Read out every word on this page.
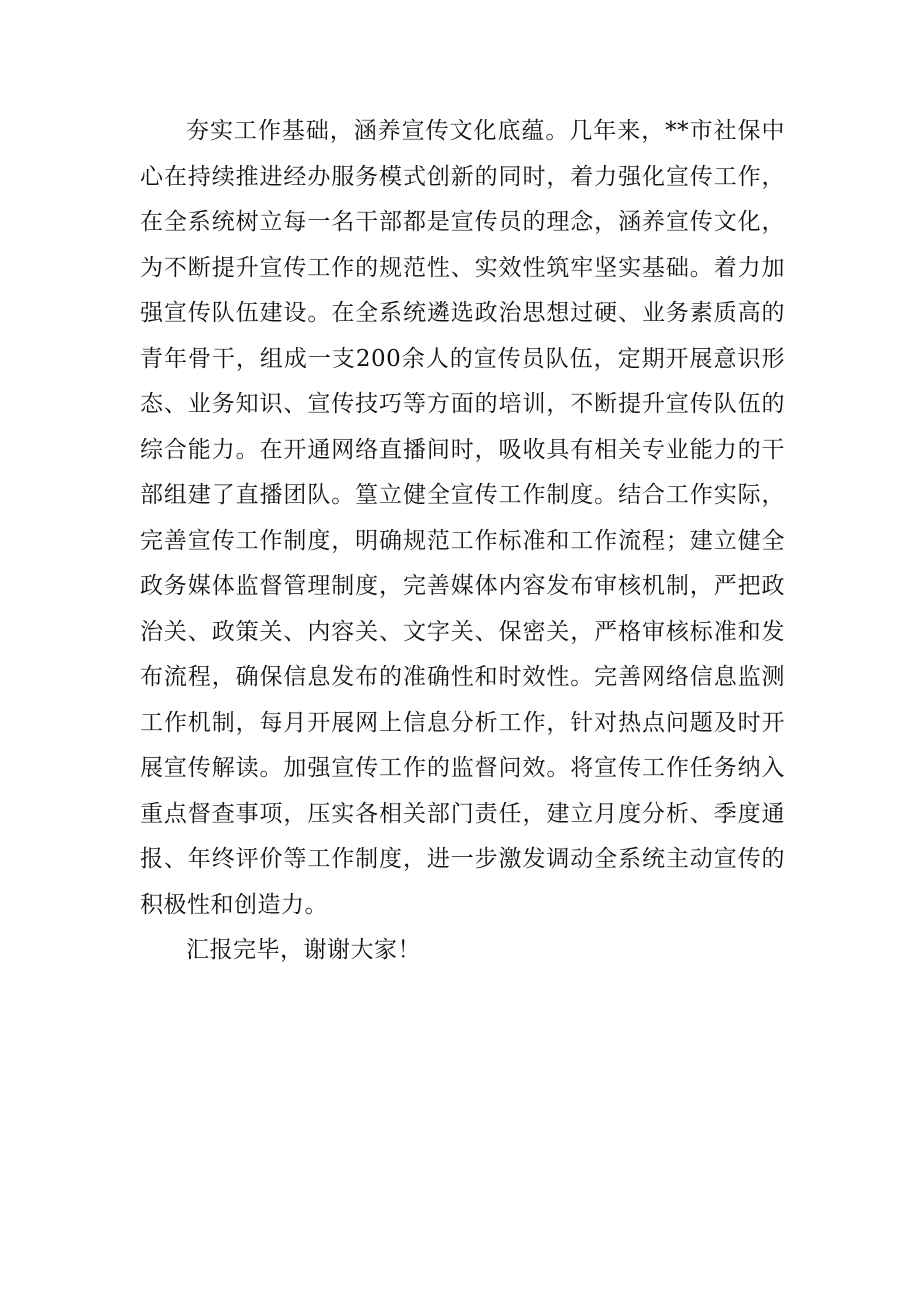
夯实工作基础，涵养宣传文化底蕴。几年来，**市社保中心在持续推进经办服务模式创新的同时，着力强化宣传工作，在全系统树立每一名干部都是宣传员的理念，涵养宣传文化，为不断提升宣传工作的规范性、实效性筑牢坚实基础。着力加强宣传队伍建设。在全系统遴选政治思想过硬、业务素质高的青年骨干，组成一支200余人的宣传员队伍，定期开展意识形态、业务知识、宣传技巧等方面的培训，不断提升宣传队伍的综合能力。在开通网络直播间时，吸收具有相关专业能力的干部组建了直播团队。篁立健全宣传工作制度。结合工作实际，完善宣传工作制度，明确规范工作标准和工作流程；建立健全政务媒体监督管理制度，完善媒体内容发布审核机制，严把政治关、政策关、内容关、文字关、保密关，严格审核标准和发布流程，确保信息发布的准确性和时效性。完善网络信息监测工作机制，每月开展网上信息分析工作，针对热点问题及时开展宣传解读。加强宣传工作的监督问效。将宣传工作任务纳入重点督查事项，压实各相关部门责任，建立月度分析、季度通报、年终评价等工作制度，进一步激发调动全系统主动宣传的积极性和创造力。

汇报完毕，谢谢大家！
